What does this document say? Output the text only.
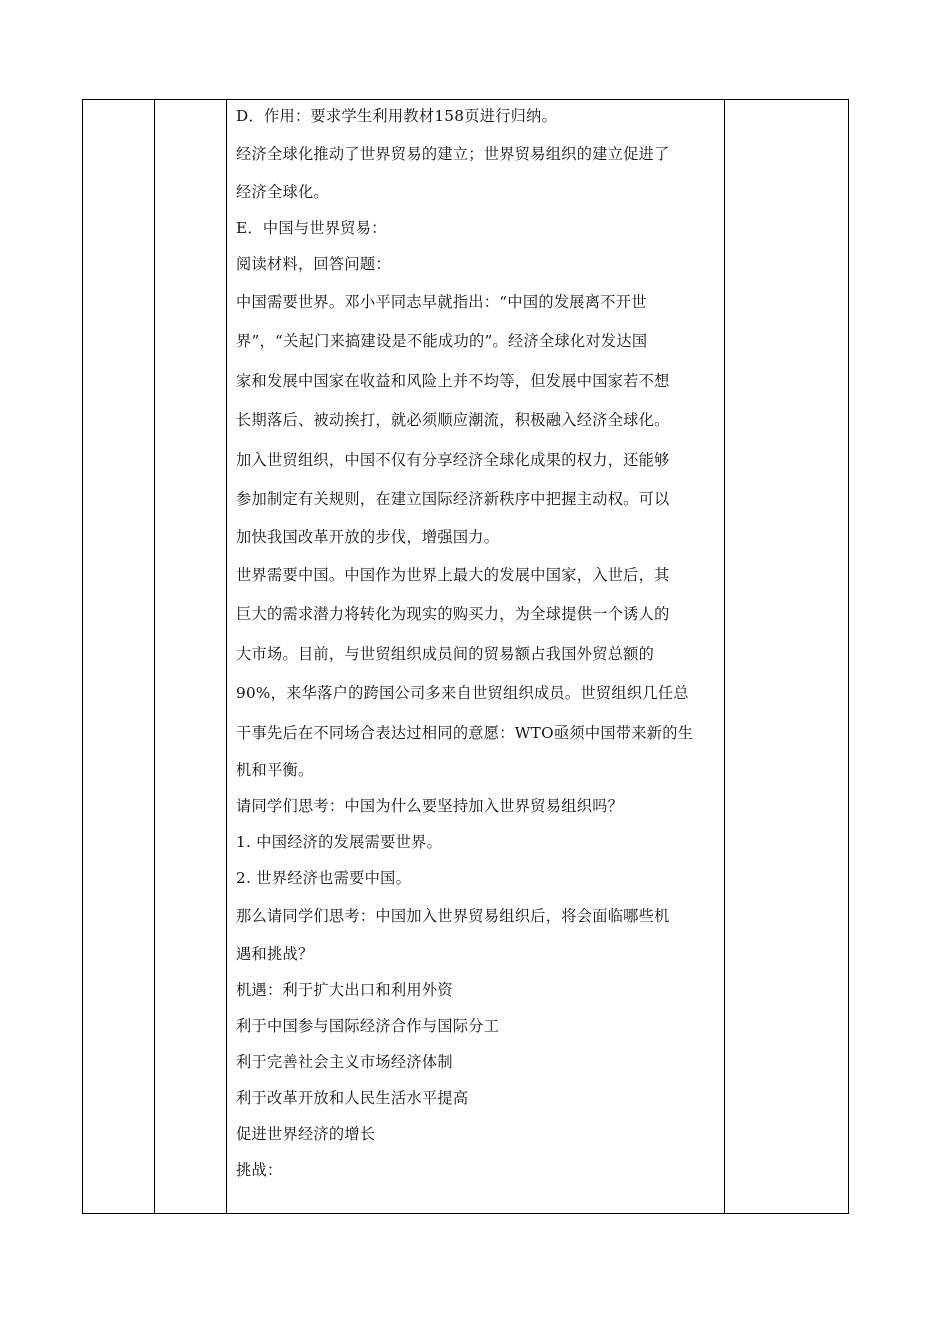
D．作用：要求学生利用教材158页进行归纳。

经济全球化推动了世界贸易的建立；世界贸易组织的建立促进了

经济全球化。

E．中国与世界贸易：

阅读材料，回答问题：

中国需要世界。邓小平同志早就指出：“中国的发展离不开世

界”，“关起门来搞建设是不能成功的”。经济全球化对发达国

家和发展中国家在收益和风险上并不均等，但发展中国家若不想

长期落后、被动挨打，就必须顺应潮流，积极融入经济全球化。

加入世贸组织，中国不仅有分享经济全球化成果的权力，还能够

参加制定有关规则，在建立国际经济新秩序中把握主动权。可以

加快我国改革开放的步伐，增强国力。

世界需要中国。中国作为世界上最大的发展中国家，入世后，其

巨大的需求潜力将转化为现实的购买力，为全球提供一个诱人的

大市场。目前，与世贸组织成员间的贸易额占我国外贸总额的

90%，来华落户的跨国公司多来自世贸组织成员。世贸组织几任总

干事先后在不同场合表达过相同的意愿：WTO亟须中国带来新的生

机和平衡。

请同学们思考：中国为什么要坚持加入世界贸易组织吗？

1. 中国经济的发展需要世界。

2. 世界经济也需要中国。

那么请同学们思考：中国加入世界贸易组织后，将会面临哪些机

遇和挑战？

机遇：利于扩大出口和利用外资

利于中国参与国际经济合作与国际分工

利于完善社会主义市场经济体制

利于改革开放和人民生活水平提高

促进世界经济的增长

挑战：
